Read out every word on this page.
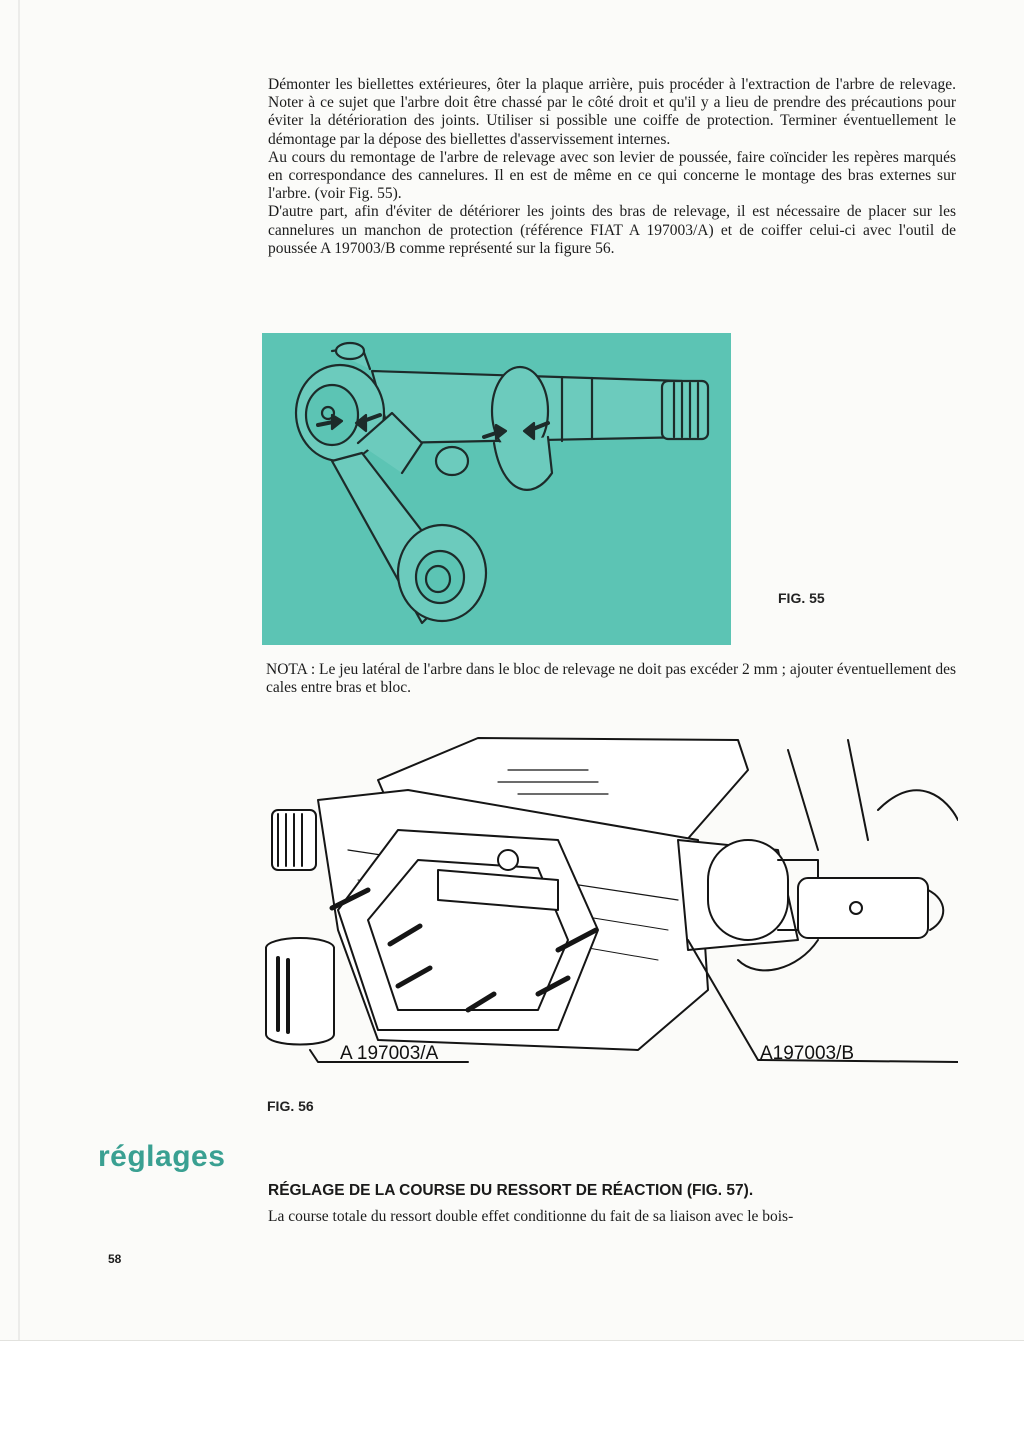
Démonter les biellettes extérieures, ôter la plaque arrière, puis procéder à l'extraction de l'arbre de relevage. Noter à ce sujet que l'arbre doit être chassé par le côté droit et qu'il y a lieu de prendre des précautions pour éviter la détérioration des joints. Utiliser si possible une coiffe de protection. Terminer éventuellement le démontage par la dépose des biellettes d'asservissement internes.

Au cours du remontage de l'arbre de relevage avec son levier de poussée, faire coïncider les repères marqués en correspondance des cannelures. Il en est de même en ce qui concerne le montage des bras externes sur l'arbre. (voir Fig. 55).

D'autre part, afin d'éviter de détériorer les joints des bras de relevage, il est nécessaire de placer sur les cannelures un manchon de protection (référence FIAT A 197003/A) et de coiffer celui-ci avec l'outil de poussée A 197003/B comme représenté sur la figure 56.

FIG. 55

NOTA : Le jeu latéral de l'arbre dans le bloc de relevage ne doit pas excéder 2 mm ; ajouter éventuellement des cales entre bras et bloc.

A 197003/A	A197003/B
FIG. 56
réglages
RÉGLAGE DE LA COURSE DU RESSORT DE RÉACTION (FIG. 57).

La course totale du ressort double effet conditionne du fait de sa liaison avec le bois-

58
